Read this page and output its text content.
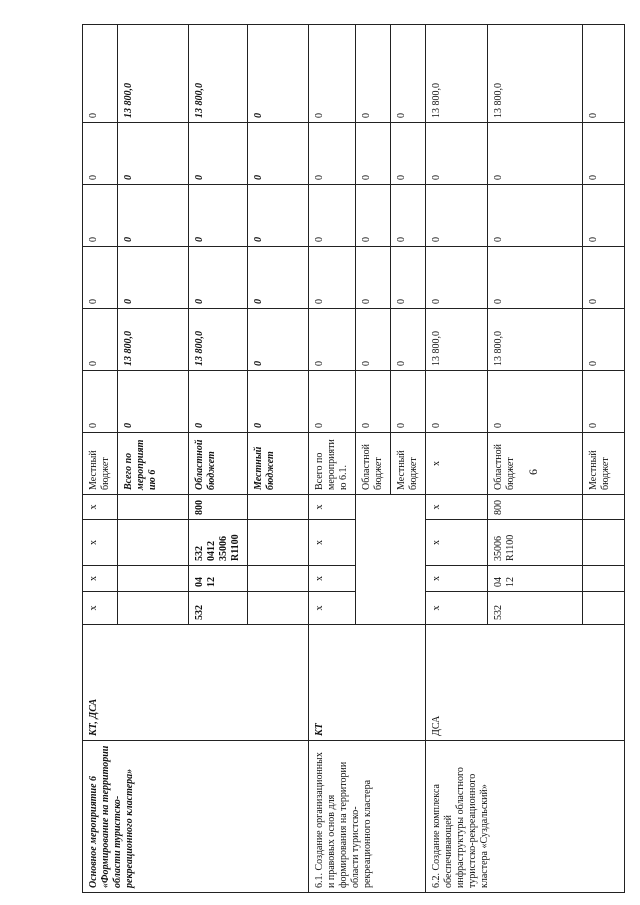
6
Основное мероприятие 6 «Формирование на территории области туристско-рекреационного кластера»	КТ, ДСА	x	x	x	x	Местный бюджет	0	0	0	0	0	0
						Всего по мероприят ию 6	0	13 800,0	0	0	0	13 800,0
		532	04 12	532 0412 35006 R1100	800	Областной бюджет	0	13 800,0	0	0	0	13 800,0
						Местный бюджет	0	0	0	0	0	0
6.1. Создание организационных и правовых основ для формирования на территории области туристско-рекреационного кластера	КТ	x	x	x	x	Всего по мероприяти ю 6.1.	0	0	0	0	0	0
						Областной бюджет	0	0	0	0	0	0
						Местный бюджет	0	0	0	0	0	0
6.2. Создание комплекса обеспечивающей инфраструктуры областного туристско-рекреационного кластера «Суздальский»	ДСА	x	x	x	x	x	0	13 800,0	0	0	0	13 800,0
		532	04 12	35006 R1100	800	Областной бюджет	0	13 800,0	0	0	0	13 800,0
						Местный бюджет	0	0	0	0	0	0
